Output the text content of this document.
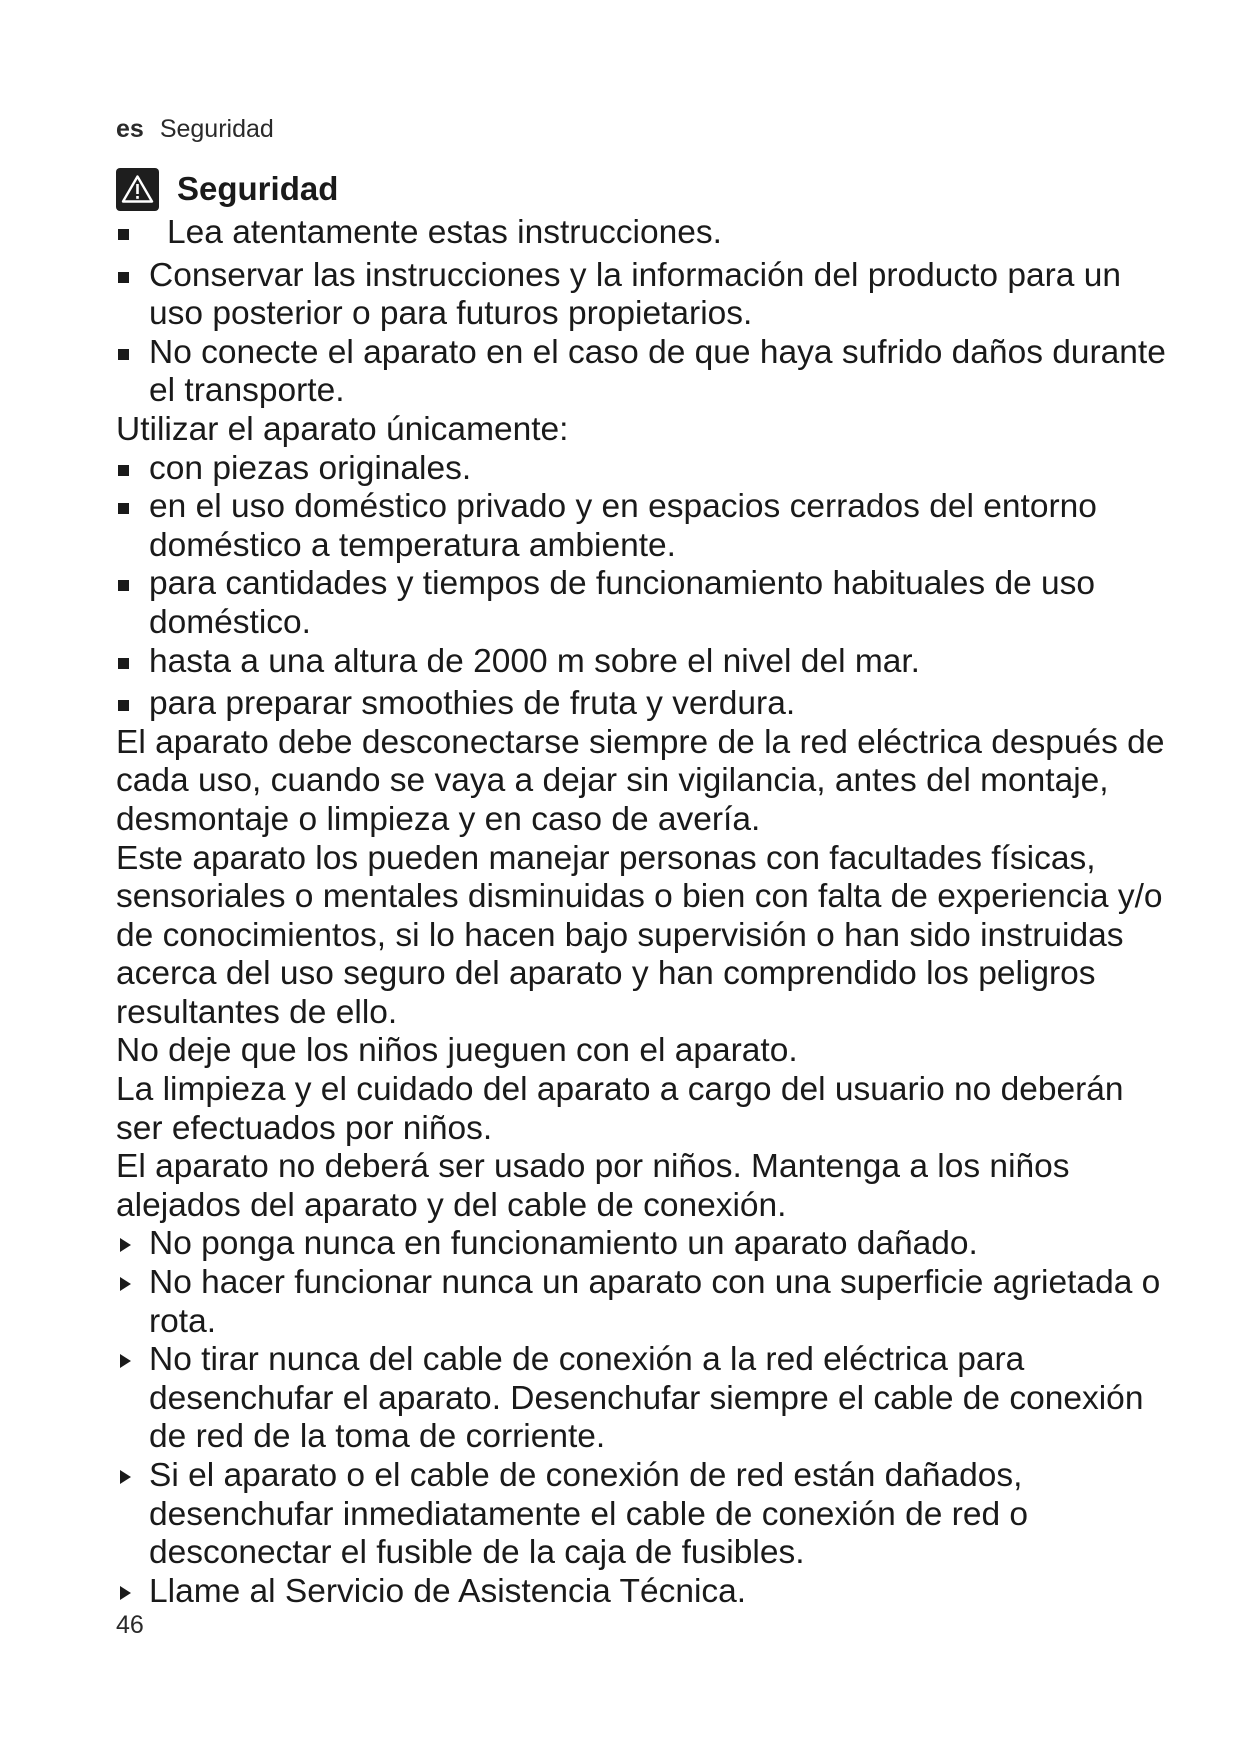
es Seguridad
Seguridad

Lea atentamente estas instrucciones.

Conservar las instrucciones y la información del producto para un uso posterior o para futuros propietarios.

No conecte el aparato en el caso de que haya sufrido daños durante el transporte.

Utilizar el aparato únicamente:

con piezas originales.

en el uso doméstico privado y en espacios cerrados del entorno doméstico a temperatura ambiente.

para cantidades y tiempos de funcionamiento habituales de uso doméstico.

hasta a una altura de 2000 m sobre el nivel del mar.

para preparar smoothies de fruta y verdura.

El aparato debe desconectarse siempre de la red eléctrica después de cada uso, cuando se vaya a dejar sin vigilancia, antes del montaje, desmontaje o limpieza y en caso de avería.

Este aparato los pueden manejar personas con facultades físicas, sensoriales o mentales disminuidas o bien con falta de experiencia y/o de conocimientos, si lo hacen bajo supervisión o han sido instruidas acerca del uso seguro del aparato y han comprendido los peligros resultantes de ello.

No deje que los niños jueguen con el aparato.

La limpieza y el cuidado del aparato a cargo del usuario no deberán ser efectuados por niños.

El aparato no deberá ser usado por niños. Mantenga a los niños alejados del aparato y del cable de conexión.

No ponga nunca en funcionamiento un aparato dañado.

No hacer funcionar nunca un aparato con una superficie agrietada o rota.

No tirar nunca del cable de conexión a la red eléctrica para desenchufar el aparato. Desenchufar siempre el cable de conexión de red de la toma de corriente.

Si el aparato o el cable de conexión de red están dañados, desenchufar inmediatamente el cable de conexión de red o desconectar el fusible de la caja de fusibles.

Llame al Servicio de Asistencia Técnica.

46
